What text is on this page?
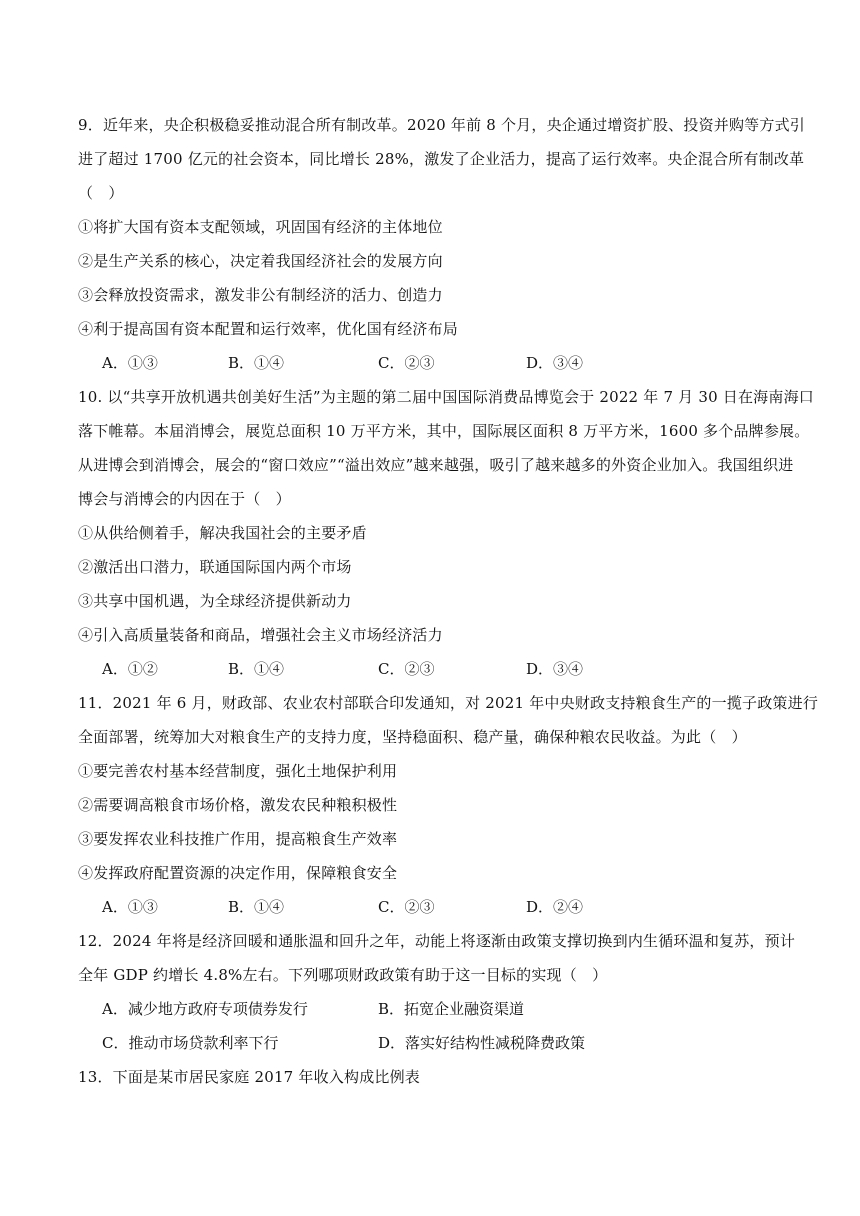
9．近年来，央企积极稳妥推动混合所有制改革。2020 年前 8 个月，央企通过增资扩股、投资并购等方式引
进了超过 1700 亿元的社会资本，同比增长 28%，激发了企业活力，提高了运行效率。央企混合所有制改革
（　）
①将扩大国有资本支配领域，巩固国有经济的主体地位
②是生产关系的核心，决定着我国经济社会的发展方向
③会释放投资需求，激发非公有制经济的活力、创造力
④利于提高国有资本配置和运行效率，优化国有经济布局
A．①③	B．①④	C．②③	D．③④
10. 以“共享开放机遇共创美好生活”为主题的第二届中国国际消费品博览会于 2022 年 7 月 30 日在海南海口
落下帷幕。本届消博会，展览总面积 10 万平方米，其中，国际展区面积 8 万平方米，1600 多个品牌参展。
从进博会到消博会，展会的“窗口效应”“溢出效应”越来越强，吸引了越来越多的外资企业加入。我国组织进
博会与消博会的内因在于（　）
①从供给侧着手，解决我国社会的主要矛盾
②激活出口潜力，联通国际国内两个市场
③共享中国机遇，为全球经济提供新动力
④引入高质量装备和商品，增强社会主义市场经济活力
A．①②	B．①④	C．②③	D．③④
11．2021 年 6 月，财政部、农业农村部联合印发通知，对 2021 年中央财政支持粮食生产的一揽子政策进行
全面部署，统筹加大对粮食生产的支持力度，坚持稳面积、稳产量，确保种粮农民收益。为此（　）
①要完善农村基本经营制度，强化土地保护利用
②需要调高粮食市场价格，激发农民种粮积极性
③要发挥农业科技推广作用，提高粮食生产效率
④发挥政府配置资源的决定作用，保障粮食安全
A．①③	B．①④	C．②③	D．②④
12．2024 年将是经济回暖和通胀温和回升之年，动能上将逐渐由政策支撑切换到内生循环温和复苏，预计
全年 GDP 约增长 4.8%左右。下列哪项财政政策有助于这一目标的实现（　）
A．减少地方政府专项债券发行	B．拓宽企业融资渠道
C．推动市场贷款利率下行	D．落实好结构性减税降费政策
13．下面是某市居民家庭 2017 年收入构成比例表
